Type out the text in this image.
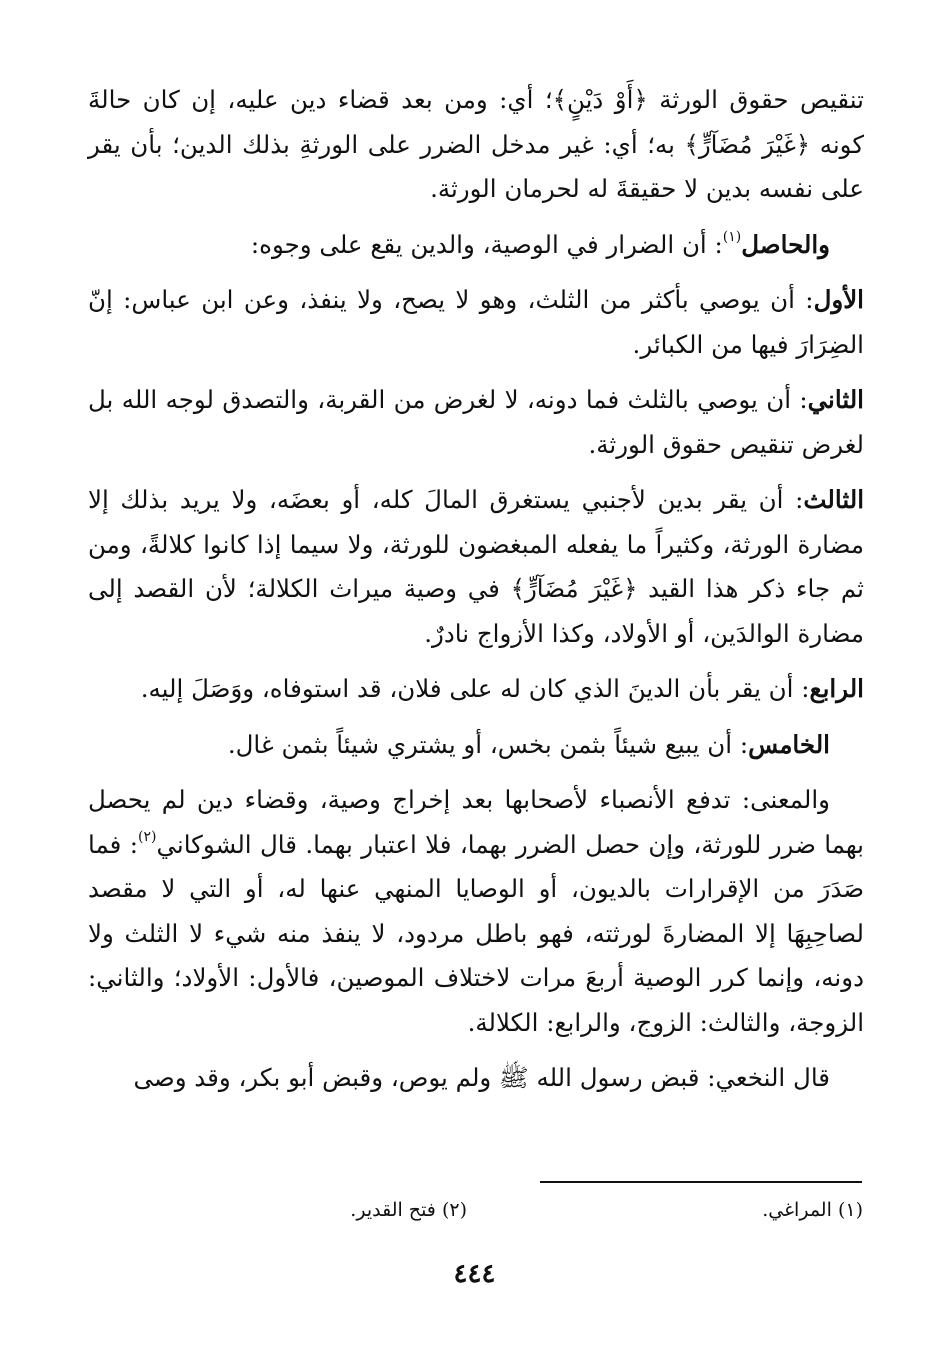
تنقيص حقوق الورثة ﴿أَوْ دَيْنٍ﴾؛ أي: ومن بعد قضاء دين عليه، إن كان حالةَ كونه ﴿غَيْرَ مُضَآرٍّ﴾ به؛ أي: غير مدخل الضرر على الورثةِ بذلك الدين؛ بأن يقر على نفسه بدين لا حقيقةَ له لحرمان الورثة.

والحاصل$^{(١)}$: أن الضرار في الوصية، والدين يقع على وجوه:

الأول: أن يوصي بأكثر من الثلث، وهو لا يصح، ولا ينفذ، وعن ابن عباس: إنّ الضِرَارَ فيها من الكبائر.

الثاني: أن يوصي بالثلث فما دونه، لا لغرض من القربة، والتصدق لوجه الله بل لغرض تنقيص حقوق الورثة.

الثالث: أن يقر بدين لأجنبي يستغرق المالَ كله، أو بعضَه، ولا يريد بذلك إلا مضارة الورثة، وكثيراً ما يفعله المبغضون للورثة، ولا سيما إذا كانوا كلالةً، ومن ثم جاء ذكر هذا القيد ﴿غَيْرَ مُضَآرٍّ﴾ في وصية ميراث الكلالة؛ لأن القصد إلى مضارة الوالدَين، أو الأولاد، وكذا الأزواج نادرٌ.

الرابع: أن يقر بأن الدينَ الذي كان له على فلان، قد استوفاه، ووَصَلَ إليه.

الخامس: أن يبيع شيئاً بثمن بخس، أو يشتري شيئاً بثمن غال.

والمعنى: تدفع الأنصباء لأصحابها بعد إخراج وصية، وقضاء دين لم يحصل بهما ضرر للورثة، وإن حصل الضرر بهما، فلا اعتبار بهما. قال الشوكاني$^{(٢)}$: فما صَدَرَ من الإقرارات بالديون، أو الوصايا المنهي عنها له، أو التي لا مقصد لصاحِبِهَا إلا المضارةَ لورثته، فهو باطل مردود، لا ينفذ منه شيء لا الثلث ولا دونه، وإنما كرر الوصية أربعَ مرات لاختلاف الموصين، فالأول: الأولاد؛ والثاني: الزوجة، والثالث: الزوج، والرابع: الكلالة.

قال النخعي: قبض رسول الله ﷺ ولم يوص، وقبض أبو بكر، وقد وصى

(١) المراغي.
(٢) فتح القدير.
٤٤٤
